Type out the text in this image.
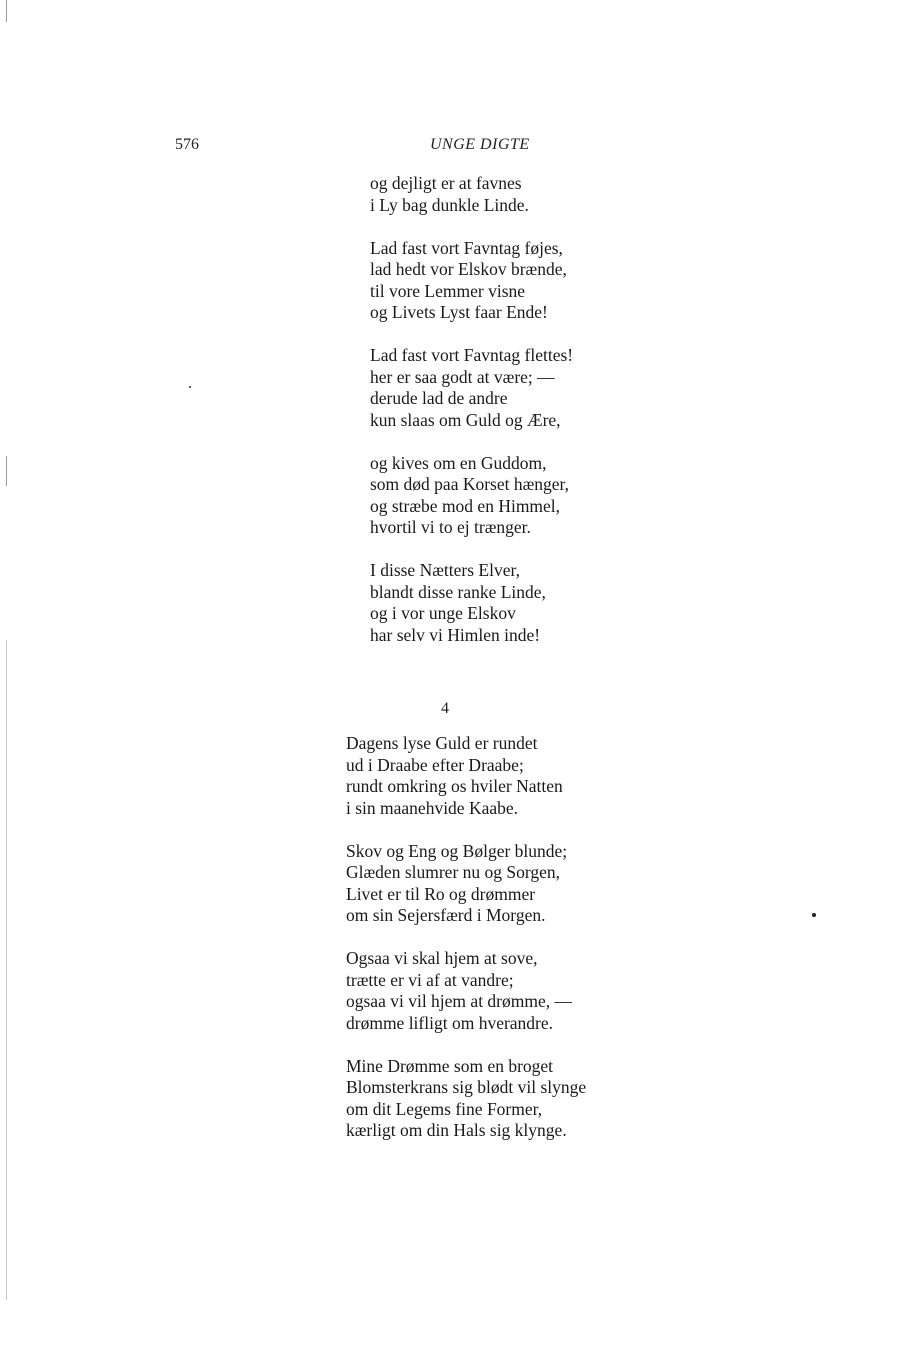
576	UNGE DIGTE
og dejligt er at favnes
i Ly bag dunkle Linde.
Lad fast vort Favntag føjes,
lad hedt vor Elskov brænde,
til vore Lemmer visne
og Livets Lyst faar Ende!
Lad fast vort Favntag flettes!
her er saa godt at være; —
derude lad de andre
kun slaas om Guld og Ære,
og kives om en Guddom,
som død paa Korset hænger,
og stræbe mod en Himmel,
hvortil vi to ej trænger.
I disse Nætters Elver,
blandt disse ranke Linde,
og i vor unge Elskov
har selv vi Himlen inde!
4
Dagens lyse Guld er rundet
ud i Draabe efter Draabe;
rundt omkring os hviler Natten
i sin maanehvide Kaabe.
Skov og Eng og Bølger blunde;
Glæden slumrer nu og Sorgen,
Livet er til Ro og drømmer
om sin Sejersfærd i Morgen.
Ogsaa vi skal hjem at sove,
trætte er vi af at vandre;
ogsaa vi vil hjem at drømme, —
drømme lifligt om hverandre.
Mine Drømme som en broget
Blomsterkrans sig blødt vil slynge
om dit Legems fine Former,
kærligt om din Hals sig klynge.
